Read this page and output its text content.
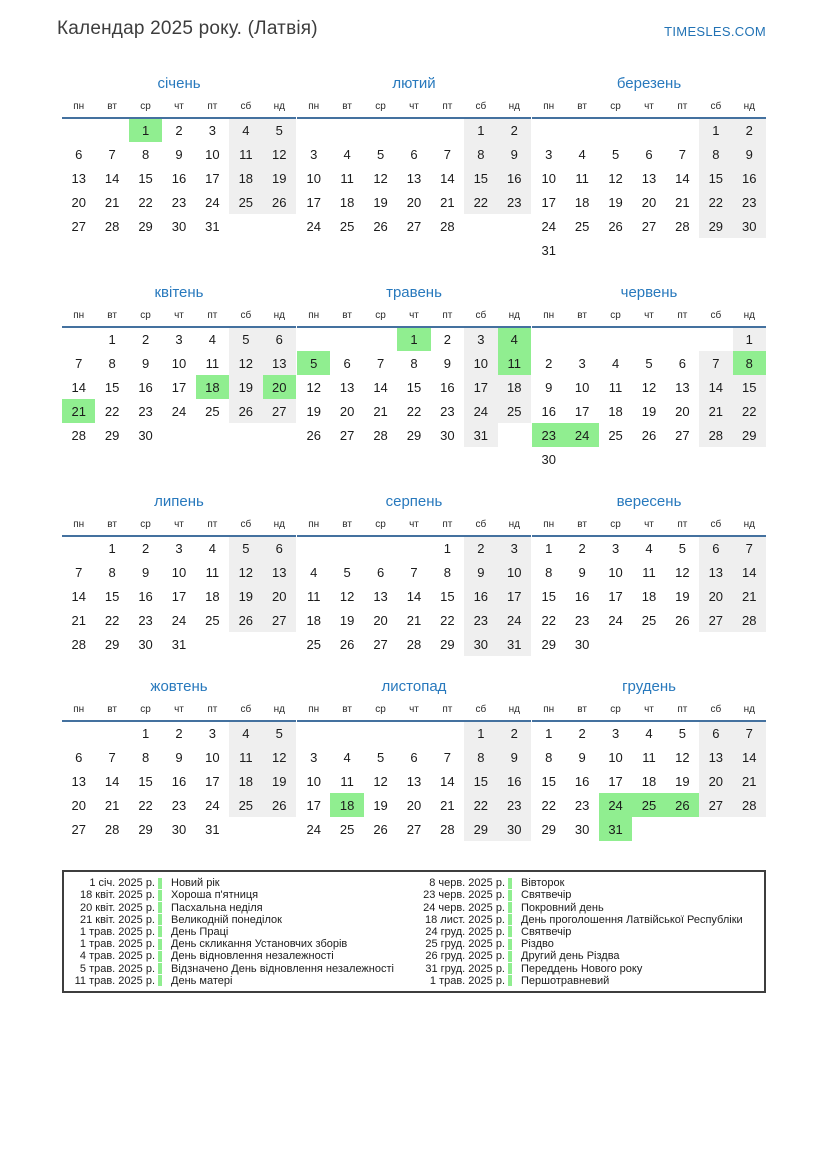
Календар 2025 року. (Латвія)	TIMESLES.COM
січень
пн	вт	ср	чт	пт	сб	нд
		1	2	3	4	5
6	7	8	9	10	11	12
13	14	15	16	17	18	19
20	21	22	23	24	25	26
27	28	29	30	31		
лютий
пн	вт	ср	чт	пт	сб	нд
					1	2
3	4	5	6	7	8	9
10	11	12	13	14	15	16
17	18	19	20	21	22	23
24	25	26	27	28		
березень
пн	вт	ср	чт	пт	сб	нд
					1	2
3	4	5	6	7	8	9
10	11	12	13	14	15	16
17	18	19	20	21	22	23
24	25	26	27	28	29	30
31						
квітень
пн	вт	ср	чт	пт	сб	нд
	1	2	3	4	5	6
7	8	9	10	11	12	13
14	15	16	17	18	19	20
21	22	23	24	25	26	27
28	29	30				
травень
пн	вт	ср	чт	пт	сб	нд
			1	2	3	4
5	6	7	8	9	10	11
12	13	14	15	16	17	18
19	20	21	22	23	24	25
26	27	28	29	30	31	
червень
пн	вт	ср	чт	пт	сб	нд
						1
2	3	4	5	6	7	8
9	10	11	12	13	14	15
16	17	18	19	20	21	22
23	24	25	26	27	28	29
30						
липень
пн	вт	ср	чт	пт	сб	нд
	1	2	3	4	5	6
7	8	9	10	11	12	13
14	15	16	17	18	19	20
21	22	23	24	25	26	27
28	29	30	31			
серпень
пн	вт	ср	чт	пт	сб	нд
				1	2	3
4	5	6	7	8	9	10
11	12	13	14	15	16	17
18	19	20	21	22	23	24
25	26	27	28	29	30	31
вересень
пн	вт	ср	чт	пт	сб	нд
1	2	3	4	5	6	7
8	9	10	11	12	13	14
15	16	17	18	19	20	21
22	23	24	25	26	27	28
29	30					
жовтень
пн	вт	ср	чт	пт	сб	нд
		1	2	3	4	5
6	7	8	9	10	11	12
13	14	15	16	17	18	19
20	21	22	23	24	25	26
27	28	29	30	31		
листопад
пн	вт	ср	чт	пт	сб	нд
					1	2
3	4	5	6	7	8	9
10	11	12	13	14	15	16
17	18	19	20	21	22	23
24	25	26	27	28	29	30
грудень
пн	вт	ср	чт	пт	сб	нд
1	2	3	4	5	6	7
8	9	10	11	12	13	14
15	16	17	18	19	20	21
22	23	24	25	26	27	28
29	30	31				
1 січ. 2025 р.	Новий рік
18 квіт. 2025 р.	Хороша п'ятниця
20 квіт. 2025 р.	Пасхальна неділя
21 квіт. 2025 р.	Великодній понеділок
1 трав. 2025 р.	День Праці
1 трав. 2025 р.	День скликання Установчих зборів
4 трав. 2025 р.	День відновлення незалежності
5 трав. 2025 р.	Відзначено День відновлення незалежності
11 трав. 2025 р.	День матері
8 черв. 2025 р.	Вівторок
23 черв. 2025 р.	Святвечір
24 черв. 2025 р.	Покровний день
18 лист. 2025 р.	День проголошення Латвійської Республіки
24 груд. 2025 р.	Святвечір
25 груд. 2025 р.	Різдво
26 груд. 2025 р.	Другий день Різдва
31 груд. 2025 р.	Переддень Нового року
1 трав. 2025 р.	Першотравневий
